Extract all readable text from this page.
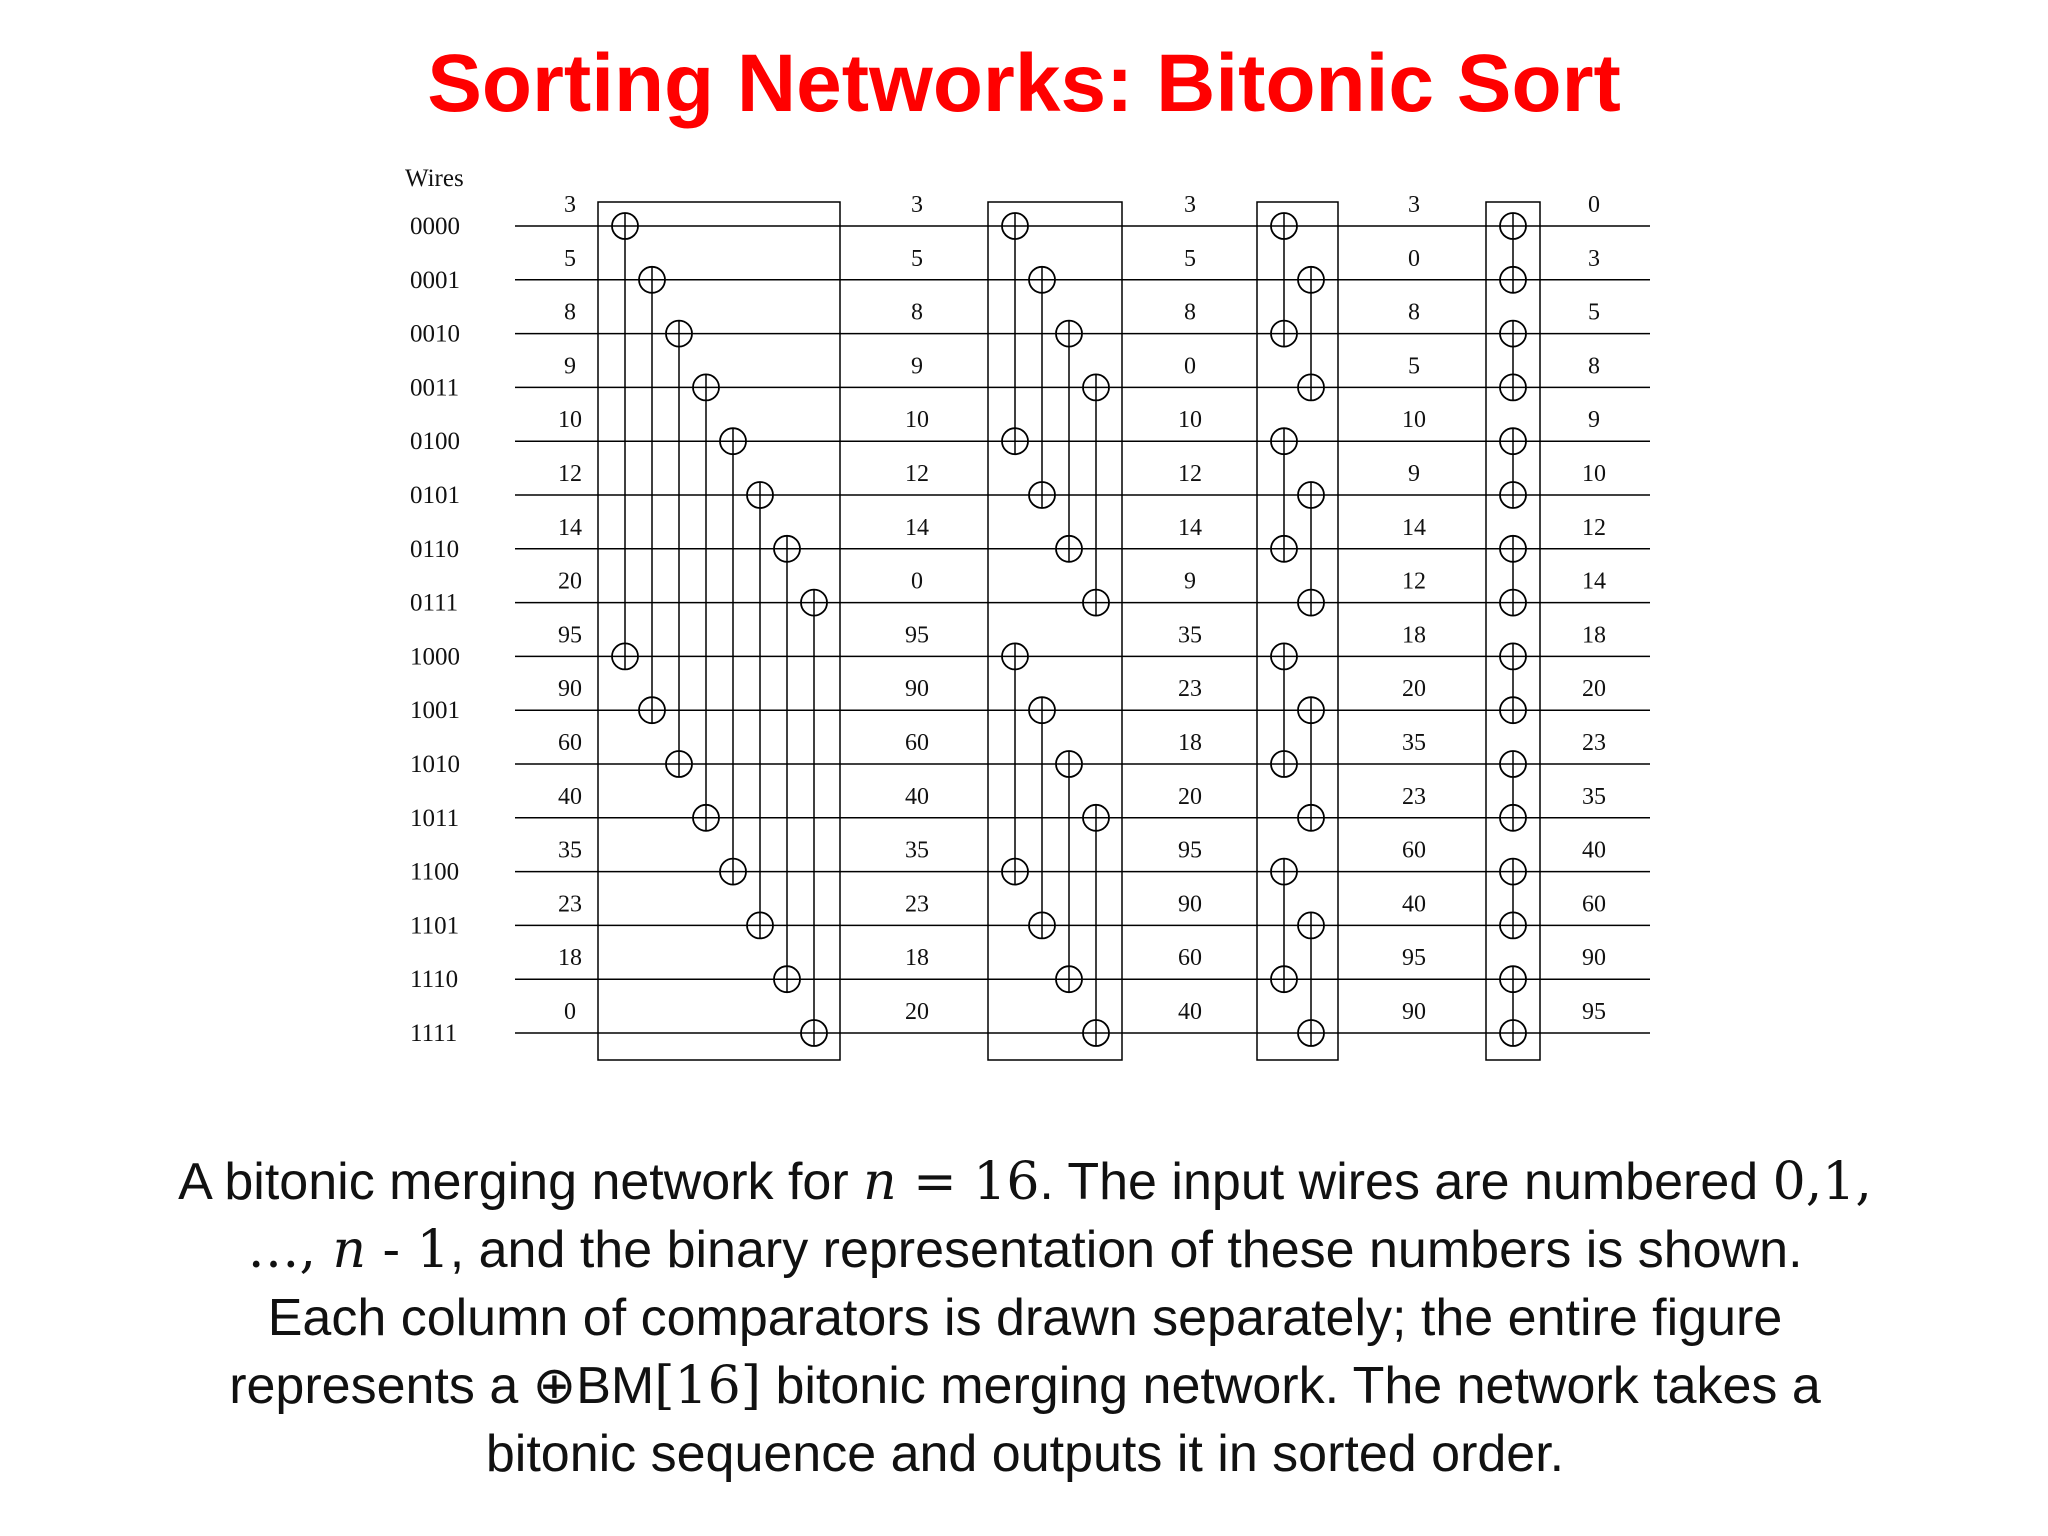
Sorting Networks: Bitonic Sort
Wires
0000
0001
0010
0011
0100
0101
0110
0111
1000
1001
1010
1011
1100
1101
1110
1111
3
5
8
9
10
12
14
20
95
90
60
40
35
23
18
0
3
5
8
9
10
12
14
0
95
90
60
40
35
23
18
20
3
5
8
0
10
12
14
9
35
23
18
20
95
90
60
40
3
0
8
5
10
9
14
12
18
20
35
23
60
40
95
90
0
3
5
8
9
10
12
14
18
20
23
35
40
60
90
95
A bitonic merging network for n = 16. The input wires are numbered 0,1,
…, n - 1, and the binary representation of these numbers is shown.
Each column of comparators is drawn separately; the entire figure
represents a ⊕BM[16] bitonic merging network. The network takes a
bitonic sequence and outputs it in sorted order.
